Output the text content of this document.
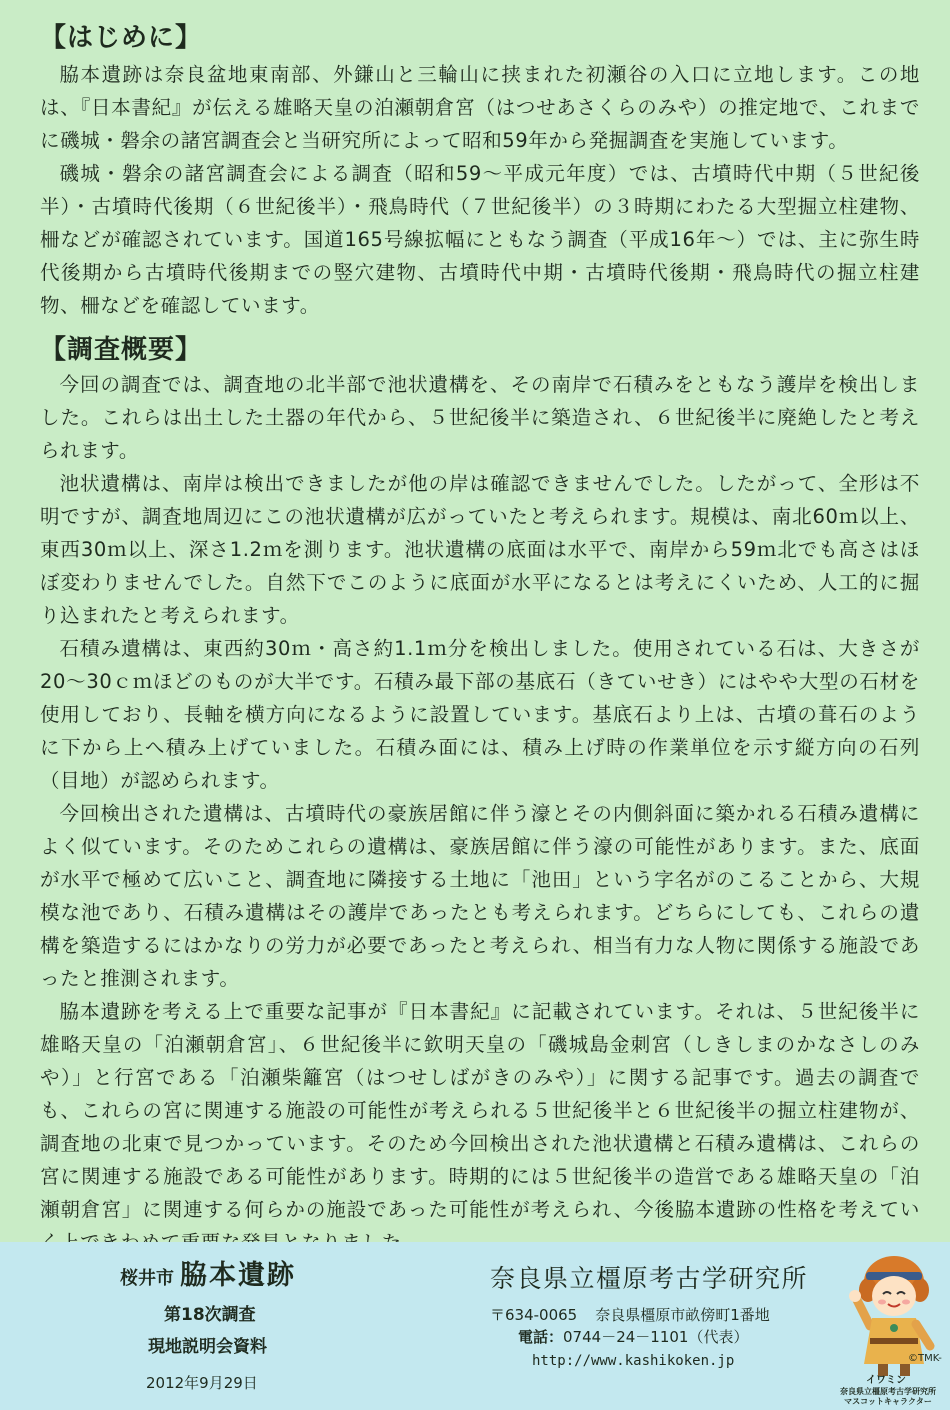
【はじめに】

脇本遺跡は奈良盆地東南部、外鎌山と三輪山に挟まれた初瀬谷の入口に立地します。この地は、『日本書紀』が伝える雄略天皇の泊瀬朝倉宮（はつせあさくらのみや）の推定地で、これまでに磯城・磐余の諸宮調査会と当研究所によって昭和59年から発掘調査を実施しています。

磯城・磐余の諸宮調査会による調査（昭和59～平成元年度）では、古墳時代中期（５世紀後半）・古墳時代後期（６世紀後半）・飛鳥時代（７世紀後半）の３時期にわたる大型掘立柱建物、柵などが確認されています。国道165号線拡幅にともなう調査（平成16年～）では、主に弥生時代後期から古墳時代後期までの竪穴建物、古墳時代中期・古墳時代後期・飛鳥時代の掘立柱建物、柵などを確認しています。

【調査概要】

今回の調査では、調査地の北半部で池状遺構を、その南岸で石積みをともなう護岸を検出しました。これらは出土した土器の年代から、５世紀後半に築造され、６世紀後半に廃絶したと考えられます。

池状遺構は、南岸は検出できましたが他の岸は確認できませんでした。したがって、全形は不明ですが、調査地周辺にこの池状遺構が広がっていたと考えられます。規模は、南北60ｍ以上、東西30ｍ以上、深さ1.2ｍを測ります。池状遺構の底面は水平で、南岸から59ｍ北でも高さはほぼ変わりませんでした。自然下でこのように底面が水平になるとは考えにくいため、人工的に掘り込まれたと考えられます。

石積み遺構は、東西約30ｍ・高さ約1.1ｍ分を検出しました。使用されている石は、大きさが20～30ｃｍほどのものが大半です。石積み最下部の基底石（きていせき）にはやや大型の石材を使用しており、長軸を横方向になるように設置しています。基底石より上は、古墳の葺石のように下から上へ積み上げていました。石積み面には、積み上げ時の作業単位を示す縦方向の石列（目地）が認められます。

今回検出された遺構は、古墳時代の豪族居館に伴う濠とその内側斜面に築かれる石積み遺構によく似ています。そのためこれらの遺構は、豪族居館に伴う濠の可能性があります。また、底面が水平で極めて広いこと、調査地に隣接する土地に「池田」という字名がのこることから、大規模な池であり、石積み遺構はその護岸であったとも考えられます。どちらにしても、これらの遺構を築造するにはかなりの労力が必要であったと考えられ、相当有力な人物に関係する施設であったと推測されます。

脇本遺跡を考える上で重要な記事が『日本書紀』に記載されています。それは、５世紀後半に雄略天皇の「泊瀬朝倉宮」、６世紀後半に欽明天皇の「磯城島金刺宮（しきしまのかなさしのみや）」と行宮である「泊瀬柴籬宮（はつせしばがきのみや）」に関する記事です。過去の調査でも、これらの宮に関連する施設の可能性が考えられる５世紀後半と６世紀後半の掘立柱建物が、調査地の北東で見つかっています。そのため今回検出された池状遺構と石積み遺構は、これらの宮に関連する施設である可能性があります。時期的には５世紀後半の造営である雄略天皇の「泊瀬朝倉宮」に関連する何らかの施設であった可能性が考えられ、今後脇本遺跡の性格を考えてい

桜井市 脇本遺跡
第18次調査
現地説明会資料
2012年9月29日
奈良県立橿原考古学研究所
〒634-0065 奈良県橿原市畝傍町1番地
電話：0744－24－1101（代表）
http://www.kashikoken.jp	©TMK-
イワミン
奈良県立橿原考古学研究所
マスコットキャラクター
